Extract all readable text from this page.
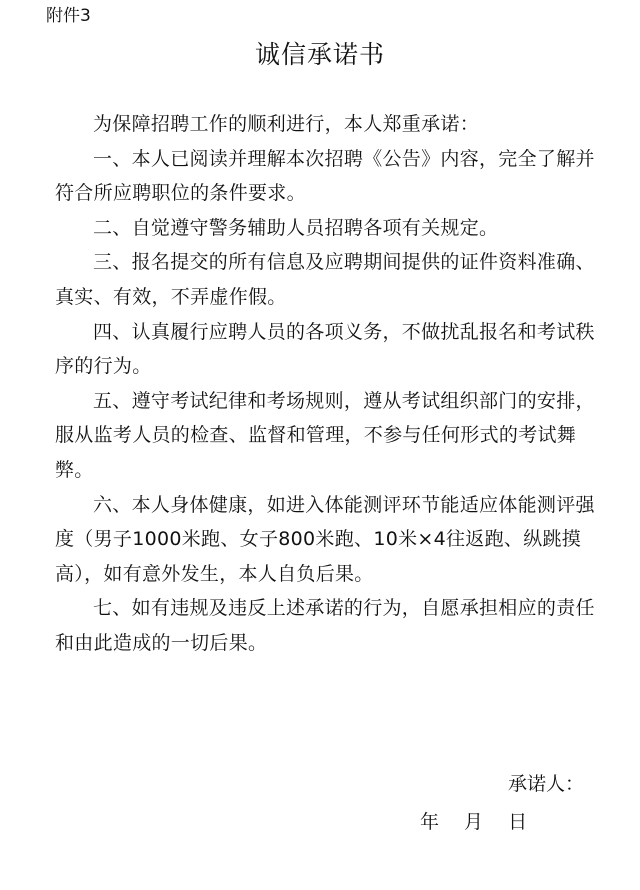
附件3
诚信承诺书

为保障招聘工作的顺利进行，本人郑重承诺：

一、本人已阅读并理解本次招聘《公告》内容，完全了解并符合所应聘职位的条件要求。

二、自觉遵守警务辅助人员招聘各项有关规定。

三、报名提交的所有信息及应聘期间提供的证件资料准确、真实、有效，不弄虚作假。

四、认真履行应聘人员的各项义务，不做扰乱报名和考试秩序的行为。

五、遵守考试纪律和考场规则，遵从考试组织部门的安排，服从监考人员的检查、监督和管理，不参与任何形式的考试舞弊。

六、本人身体健康，如进入体能测评环节能适应体能测评强度（男子1000米跑、女子800米跑、10米×4往返跑、纵跳摸高），如有意外发生，本人自负后果。

七、如有违规及违反上述承诺的行为，自愿承担相应的责任和由此造成的一切后果。

承诺人：
年　 月　 日
